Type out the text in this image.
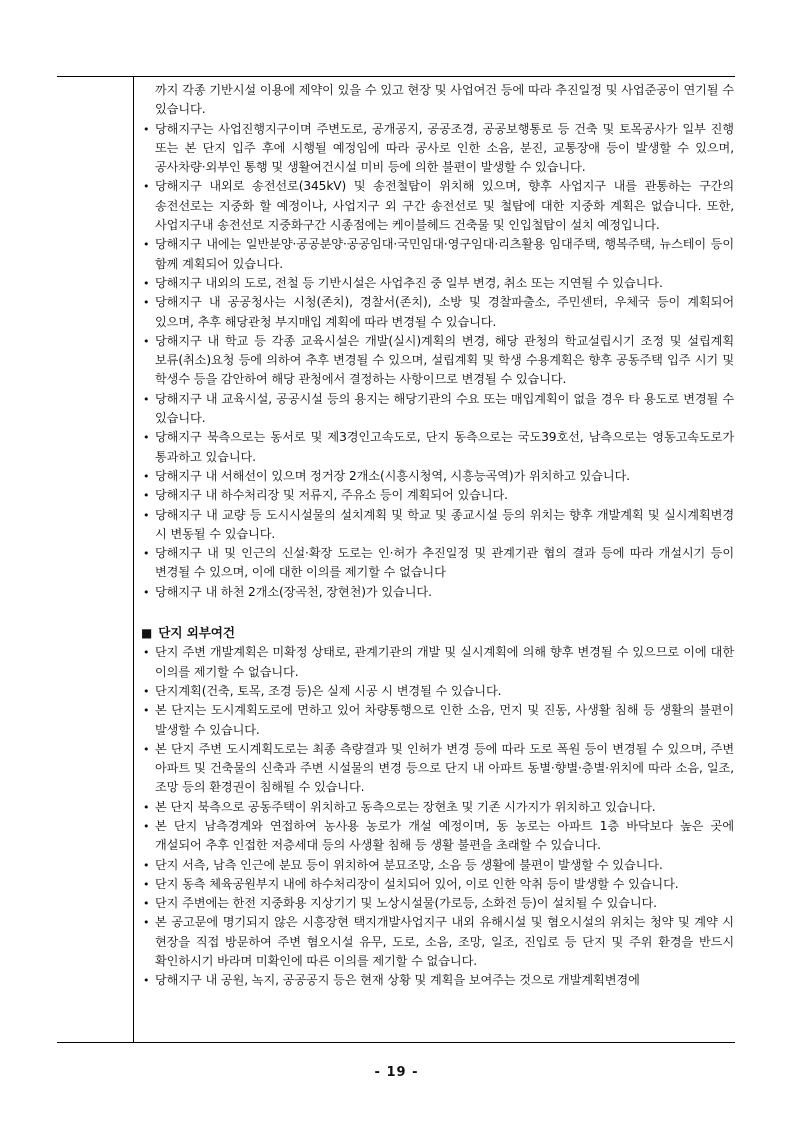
까지 각종 기반시설 이용에 제약이 있을 수 있고 현장 및 사업여건 등에 따라 추진일정 및 사업준공이 연기될 수 있습니다.
• 당해지구는 사업진행지구이며 주변도로, 공개공지, 공공조경, 공공보행통로 등 건축 및 토목공사가 일부 진행 또는 본 단지 입주 후에 시행될 예정임에 따라 공사로 인한 소음, 분진, 교통장애 등이 발생할 수 있으며, 공사차량·외부인 통행 및 생활여건시설 미비 등에 의한 불편이 발생할 수 있습니다.
• 당해지구 내외로 송전선로(345kV) 및 송전철탑이 위치해 있으며, 향후 사업지구 내를 관통하는 구간의 송전선로는 지중화 할 예정이나, 사업지구 외 구간 송전선로 및 철탑에 대한 지중화 계획은 없습니다. 또한, 사업지구내 송전선로 지중화구간 시종점에는 케이블헤드 건축물 및 인입철탑이 설치 예정입니다.
• 당해지구 내에는 일반분양·공공분양·공공임대·국민임대·영구임대·리츠활용 임대주택, 행복주택, 뉴스테이 등이 함께 계획되어 있습니다.
• 당해지구 내외의 도로, 전철 등 기반시설은 사업추진 중 일부 변경, 취소 또는 지연될 수 있습니다.
• 당해지구 내 공공청사는 시청(존치), 경찰서(존치), 소방 및 경찰파출소, 주민센터, 우체국 등이 계획되어 있으며, 추후 해당관청 부지매입 계획에 따라 변경될 수 있습니다.
• 당해지구 내 학교 등 각종 교육시설은 개발(실시)계획의 변경, 해당 관청의 학교설립시기 조정 및 설립계획 보류(취소)요청 등에 의하여 추후 변경될 수 있으며, 설립계획 및 학생 수용계획은 향후 공동주택 입주 시기 및 학생수 등을 감안하여 해당 관청에서 결정하는 사항이므로 변경될 수 있습니다.
• 당해지구 내 교육시설, 공공시설 등의 용지는 해당기관의 수요 또는 매입계획이 없을 경우 타 용도로 변경될 수 있습니다.
• 당해지구 북측으로는 동서로 및 제3경인고속도로, 단지 동측으로는 국도39호선, 남측으로는 영동고속도로가 통과하고 있습니다.
• 당해지구 내 서해선이 있으며 정거장 2개소(시흥시청역, 시흥능곡역)가 위치하고 있습니다.
• 당해지구 내 하수처리장 및 저류지, 주유소 등이 계획되어 있습니다.
• 당해지구 내 교량 등 도시시설물의 설치계획 및 학교 및 종교시설 등의 위치는 향후 개발계획 및 실시계획변경 시 변동될 수 있습니다.
• 당해지구 내 및 인근의 신설·확장 도로는 인·허가 추진일정 및 관계기관 협의 결과 등에 따라 개설시기 등이 변경될 수 있으며, 이에 대한 이의를 제기할 수 없습니다
• 당해지구 내 하천 2개소(장곡천, 장현천)가 있습니다.
■ 단지 외부여건
• 단지 주변 개발계획은 미확정 상태로, 관계기관의 개발 및 실시계획에 의해 향후 변경될 수 있으므로 이에 대한 이의를 제기할 수 없습니다.
• 단지계획(건축, 토목, 조경 등)은 실제 시공 시 변경될 수 있습니다.
• 본 단지는 도시계획도로에 면하고 있어 차량통행으로 인한 소음, 먼지 및 진동, 사생활 침해 등 생활의 불편이 발생할 수 있습니다.
• 본 단지 주변 도시계획도로는 최종 측량결과 및 인허가 변경 등에 따라 도로 폭원 등이 변경될 수 있으며, 주변 아파트 및 건축물의 신축과 주변 시설물의 변경 등으로 단지 내 아파트 동별·향별·층별·위치에 따라 소음, 일조, 조망 등의 환경권이 침해될 수 있습니다.
• 본 단지 북측으로 공동주택이 위치하고 동측으로는 장현초 및 기존 시가지가 위치하고 있습니다.
• 본 단지 남측경계와 연접하여 농사용 농로가 개설 예정이며, 동 농로는 아파트 1층 바닥보다 높은 곳에 개설되어 추후 인접한 저층세대 등의 사생활 침해 등 생활 불편을 초래할 수 있습니다.
• 단지 서측, 남측 인근에 분묘 등이 위치하여 분묘조망, 소음 등 생활에 불편이 발생할 수 있습니다.
• 단지 동측 체육공원부지 내에 하수처리장이 설치되어 있어, 이로 인한 악취 등이 발생할 수 있습니다.
• 단지 주변에는 한전 지중화용 지상기기 및 노상시설물(가로등, 소화전 등)이 설치될 수 있습니다.
• 본 공고문에 명기되지 않은 시흥장현 택지개발사업지구 내외 유해시설 및 혐오시설의 위치는 청약 및 계약 시 현장을 직접 방문하여 주변 혐오시설 유무, 도로, 소음, 조망, 일조, 진입로 등 단지 및 주위 환경을 반드시 확인하시기 바라며 미확인에 따른 이의를 제기할 수 없습니다.
• 당해지구 내 공원, 녹지, 공공공지 등은 현재 상황 및 계획을 보여주는 것으로 개발계획변경에
- 19 -
